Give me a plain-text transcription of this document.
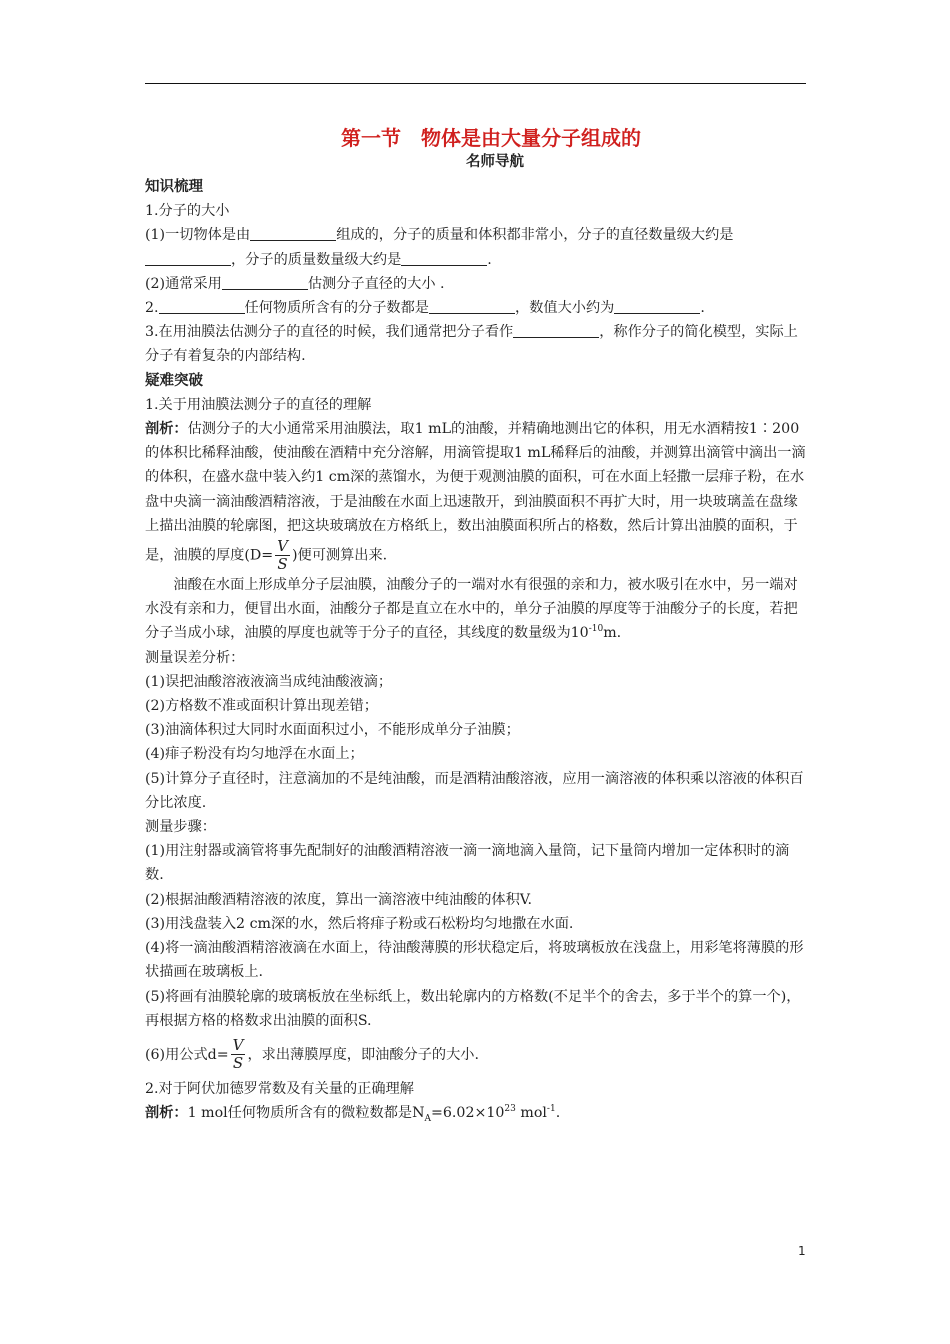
第一节　物体是由大量分子组成的

名师导航

知识梳理

1.分子的大小

(1)一切物体是由	组成的，分子的质量和体积都非常小，分子的直径数量级大约是，分子的质量数量级大约是	.

(2)通常采用	估测分子直径的大小 .

2.	任何物质所含有的分子数都是	，数值大小约为	.

3.在用油膜法估测分子的直径的时候，我们通常把分子看作	，称作分子的简化模型，实际上分子有着复杂的内部结构.

疑难突破

1.关于用油膜法测分子的直径的理解

剖析：估测分子的大小通常采用油膜法，取1 mL的油酸，并精确地测出它的体积，用无水酒精按1∶200的体积比稀释油酸，使油酸在酒精中充分溶解，用滴管提取1 mL稀释后的油酸，并测算出滴管中滴出一滴的体积，在盛水盘中装入约1 cm深的蒸馏水，为便于观测油膜的面积，可在水面上轻撒一层痱子粉，在水盘中央滴一滴油酸酒精溶液，于是油酸在水面上迅速散开，到油膜面积不再扩大时，用一块玻璃盖在盘缘上描出油膜的轮廓图，把这块玻璃放在方格纸上，数出油膜面积所占的格数，然后计算出油膜的面积，于是，油膜的厚度($D= \frac{V}{S}$ )便可测算出来.

油酸在水面上形成单分子层油膜，油酸分子的一端对水有很强的亲和力，被水吸引在水中，另一端对水没有亲和力，便冒出水面，油酸分子都是直立在水中的，单分子油膜的厚度等于油酸分子的长度，若把分子当成小球，油膜的厚度也就等于分子的直径，其线度的数量级为$10^{-10}m$.

测量误差分析：

(1)误把油酸溶液液滴当成纯油酸液滴；

(2)方格数不准或面积计算出现差错；

(3)油滴体积过大同时水面面积过小，不能形成单分子油膜；

(4)痱子粉没有均匀地浮在水面上；

(5)计算分子直径时，注意滴加的不是纯油酸，而是酒精油酸溶液，应用一滴溶液的体积乘以溶液的体积百分比浓度.

测量步骤：

(1)用注射器或滴管将事先配制好的油酸酒精溶液一滴一滴地滴入量筒，记下量筒内增加一定体积时的滴数.

(2)根据油酸酒精溶液的浓度，算出一滴溶液中纯油酸的体积V.

(3)用浅盘装入2 cm深的水，然后将痱子粉或石松粉均匀地撒在水面.

(4)将一滴油酸酒精溶液滴在水面上，待油酸薄膜的形状稳定后，将玻璃板放在浅盘上，用彩笔将薄膜的形状描画在玻璃板上.

(5)将画有油膜轮廓的玻璃板放在坐标纸上，数出轮廓内的方格数(不足半个的舍去，多于半个的算一个)，再根据方格的格数求出油膜的面积S.

(6)用公式$d= \frac{V}{S}$ ，求出薄膜厚度，即油酸分子的大小.

2.对于阿伏加德罗常数及有关量的正确理解

剖析：1 mol任何物质所含有的微粒数都是$N_A=6.02\times 10^{23}$ mol$^{-1}$.

1
